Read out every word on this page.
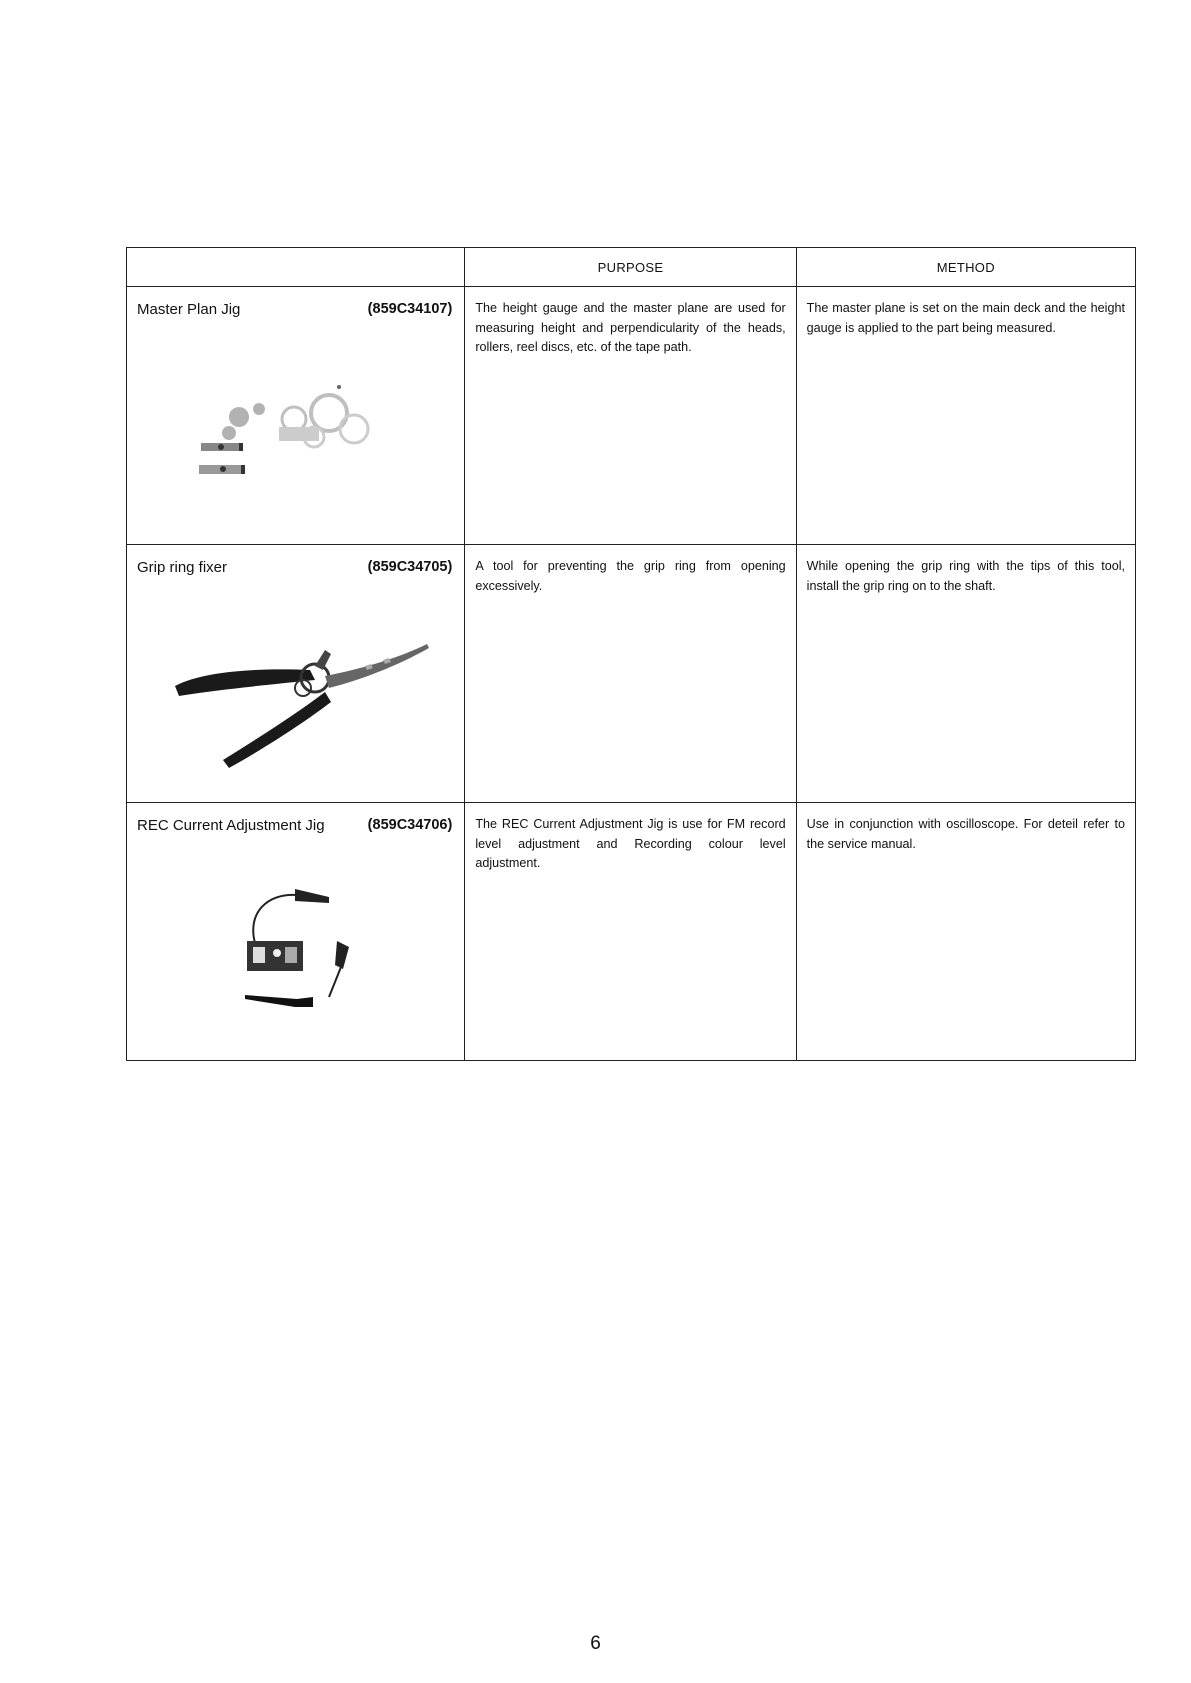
	PURPOSE	METHOD

Master Plan Jig (859C34107)	The height gauge and the master plane are used for measuring height and perpendicularity of the heads, rollers, reel discs, etc. of the tape path.	The master plane is set on the main deck and the height gauge is applied to the part being measured.

Grip ring fixer (859C34705)	A tool for preventing the grip ring from opening excessively.	While opening the grip ring with the tips of this tool, install the grip ring on to the shaft.

REC Current Adjustment Jig (859C34706)	The REC Current Adjustment Jig is use for FM record level adjustment and Recording colour level adjustment.	Use in conjunction with oscilloscope. For deteil refer to the service manual.
6
